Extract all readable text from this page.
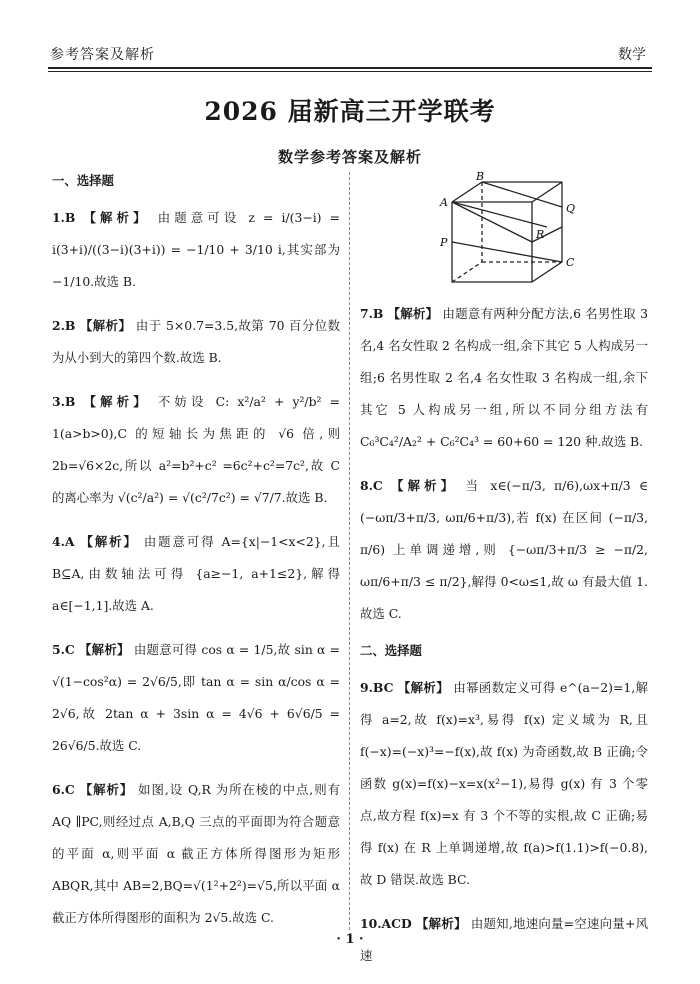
参考答案及解析	数学
2026 届新高三开学联考
数学参考答案及解析
一、选择题
1.B 【解析】 由题意可设 z = i/(3−i) = i(3+i)/((3−i)(3+i)) = −1/10 + 3/10 i,其实部为 −1/10.故选 B.
2.B 【解析】 由于 5×0.7=3.5,故第 70 百分位数为从小到大的第四个数.故选 B.
3.B 【解析】 不妨设 C: x²/a² + y²/b² = 1(a>b>0),C 的短轴长为焦距的 √6 倍,则 2b=√6×2c,所以 a²=b²+c² =6c²+c²=7c²,故 C 的离心率为 √(c²/a²) = √(c²/7c²) = √7/7.故选 B.
4.A 【解析】 由题意可得 A={x|−1<x<2},且 B⊆A,由数轴法可得 {a≥−1, a+1≤2},解得 a∈[−1,1].故选 A.
5.C 【解析】 由题意可得 cos α = 1/5,故 sin α = √(1−cos²α) = 2√6/5,即 tan α = sin α/cos α = 2√6,故 2tan α + 3sin α = 4√6 + 6√6/5 = 26√6/5.故选 C.
6.C 【解析】 如图,设 Q,R 为所在棱的中点,则有 AQ ∥PC,则经过点 A,B,Q 三点的平面即为符合题意的平面 α,则平面 α 截正方体所得图形为矩形 ABQR,其中 AB=2,BQ=√(1²+2²)=√5,所以平面 α 截正方体所得图形的面积为 2√5.故选 C.
B
A
P
Q
R
C
7.B 【解析】 由题意有两种分配方法,6 名男性取 3 名,4 名女性取 2 名构成一组,余下其它 5 人构成另一组;6 名男性取 2 名,4 名女性取 3 名构成一组,余下其它 5 人构成另一组,所以不同分组方法有 C₆³C₄²/A₂² + C₆²C₄³ = 60+60 = 120 种.故选 B.
8.C 【解析】 当 x∈(−π/3, π/6),ωx+π/3 ∈ (−ωπ/3+π/3, ωπ/6+π/3),若 f(x) 在区间 (−π/3, π/6) 上单调递增,则 {−ωπ/3+π/3 ≥ −π/2, ωπ/6+π/3 ≤ π/2},解得 0<ω≤1,故 ω 有最大值 1.故选 C.
二、选择题
9.BC 【解析】 由幂函数定义可得 e^(a−2)=1,解得 a=2,故 f(x)=x³,易得 f(x) 定义域为 R,且 f(−x)=(−x)³=−f(x),故 f(x) 为奇函数,故 B 正确;令函数 g(x)=f(x)−x=x(x²−1),易得 g(x) 有 3 个零点,故方程 f(x)=x 有 3 个不等的实根,故 C 正确;易得 f(x) 在 R 上单调递增,故 f(a)>f(1.1)>f(−0.8),故 D 错误.故选 BC.
10.ACD 【解析】 由题知,地速向量=空速向量+风速
· 1 ·
